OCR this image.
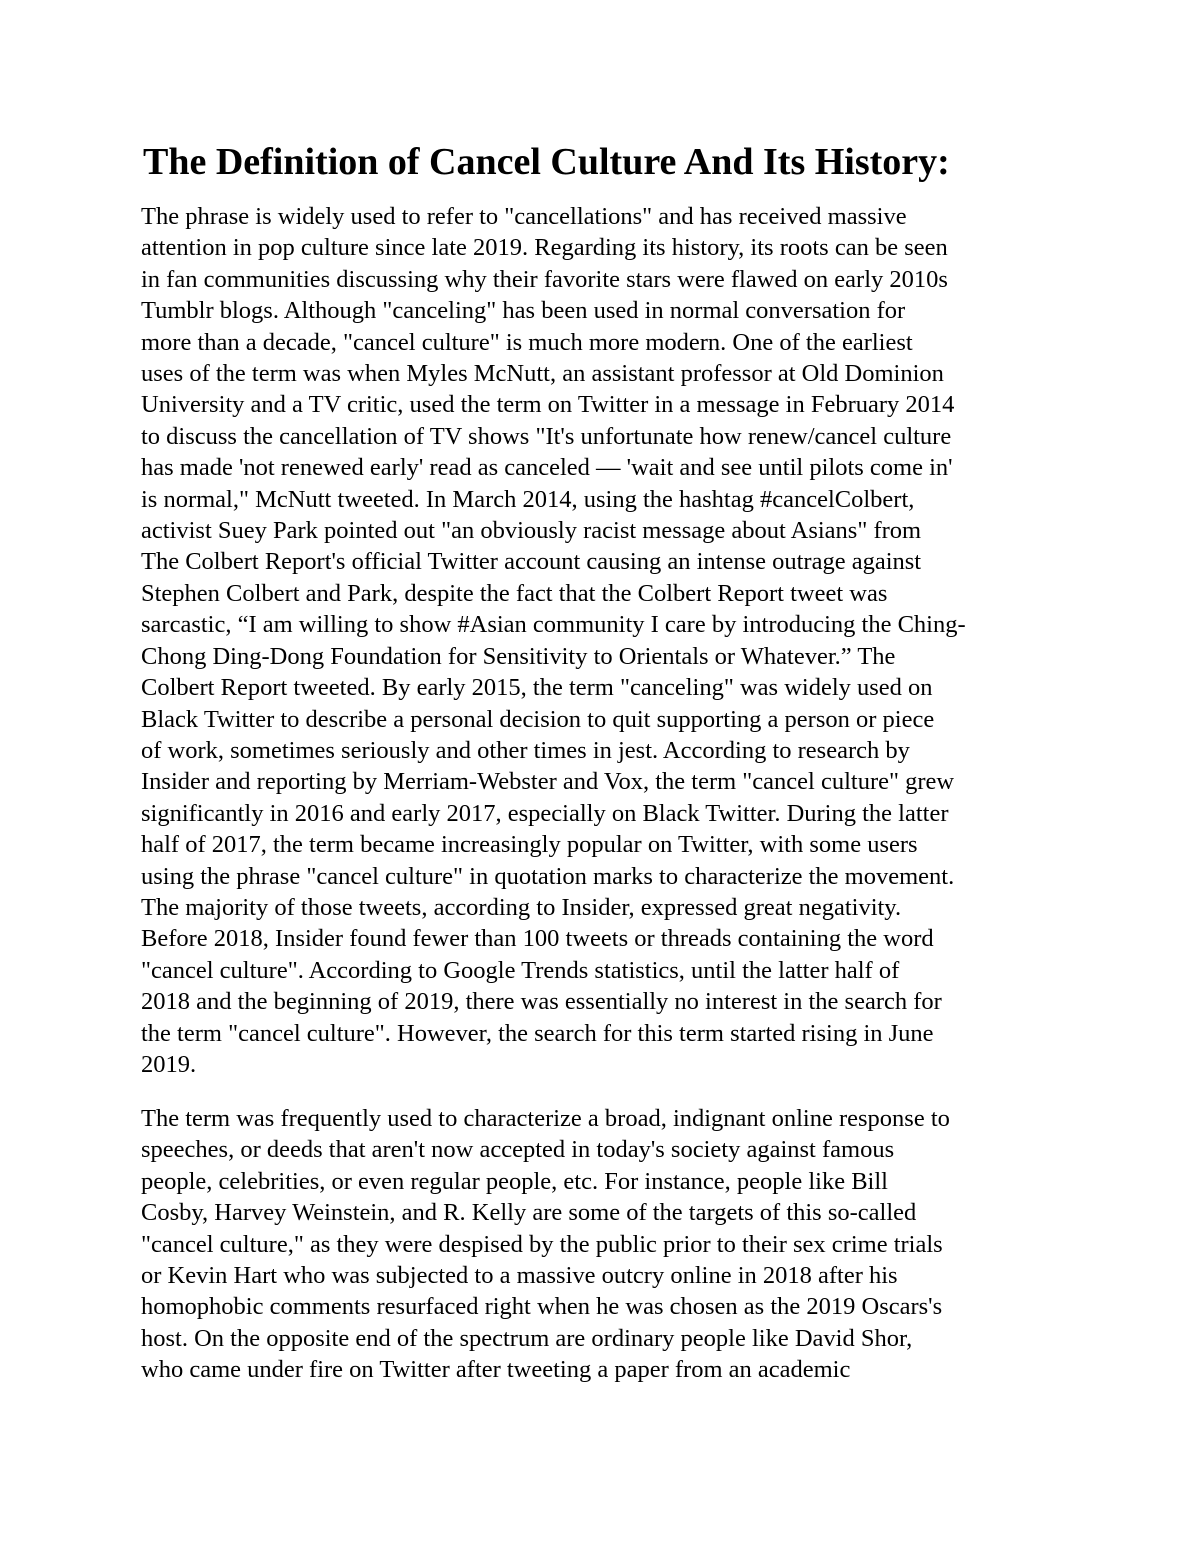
The Definition of Cancel Culture And Its History:
The phrase is widely used to refer to "cancellations" and has received massive
attention in pop culture since late 2019. Regarding its history, its roots can be seen
in fan communities discussing why their favorite stars were flawed on early 2010s
Tumblr blogs. Although "canceling" has been used in normal conversation for
more than a decade, "cancel culture" is much more modern. One of the earliest
uses of the term was when Myles McNutt, an assistant professor at Old Dominion
University and a TV critic, used the term on Twitter in a message in February 2014
to discuss the cancellation of TV shows "It's unfortunate how renew/cancel culture
has made 'not renewed early' read as canceled — 'wait and see until pilots come in'
is normal," McNutt tweeted. In March 2014, using the hashtag #cancelColbert,
activist Suey Park pointed out "an obviously racist message about Asians" from
The Colbert Report's official Twitter account causing an intense outrage against
Stephen Colbert and Park, despite the fact that the Colbert Report tweet was
sarcastic, “I am willing to show #Asian community I care by introducing the Ching-
Chong Ding-Dong Foundation for Sensitivity to Orientals or Whatever.” The
Colbert Report tweeted. By early 2015, the term "canceling" was widely used on
Black Twitter to describe a personal decision to quit supporting a person or piece
of work, sometimes seriously and other times in jest. According to research by
Insider and reporting by Merriam-Webster and Vox, the term "cancel culture" grew
significantly in 2016 and early 2017, especially on Black Twitter. During the latter
half of 2017, the term became increasingly popular on Twitter, with some users
using the phrase "cancel culture" in quotation marks to characterize the movement.
The majority of those tweets, according to Insider, expressed great negativity.
Before 2018, Insider found fewer than 100 tweets or threads containing the word
"cancel culture". According to Google Trends statistics, until the latter half of
2018 and the beginning of 2019, there was essentially no interest in the search for
the term "cancel culture". However, the search for this term started rising in June
2019.
The term was frequently used to characterize a broad, indignant online response to
speeches, or deeds that aren't now accepted in today's society against famous
people, celebrities, or even regular people, etc. For instance, people like Bill
Cosby, Harvey Weinstein, and R. Kelly are some of the targets of this so-called
"cancel culture," as they were despised by the public prior to their sex crime trials
or Kevin Hart who was subjected to a massive outcry online in 2018 after his
homophobic comments resurfaced right when he was chosen as the 2019 Oscars's
host. On the opposite end of the spectrum are ordinary people like David Shor,
who came under fire on Twitter after tweeting a paper from an academic
